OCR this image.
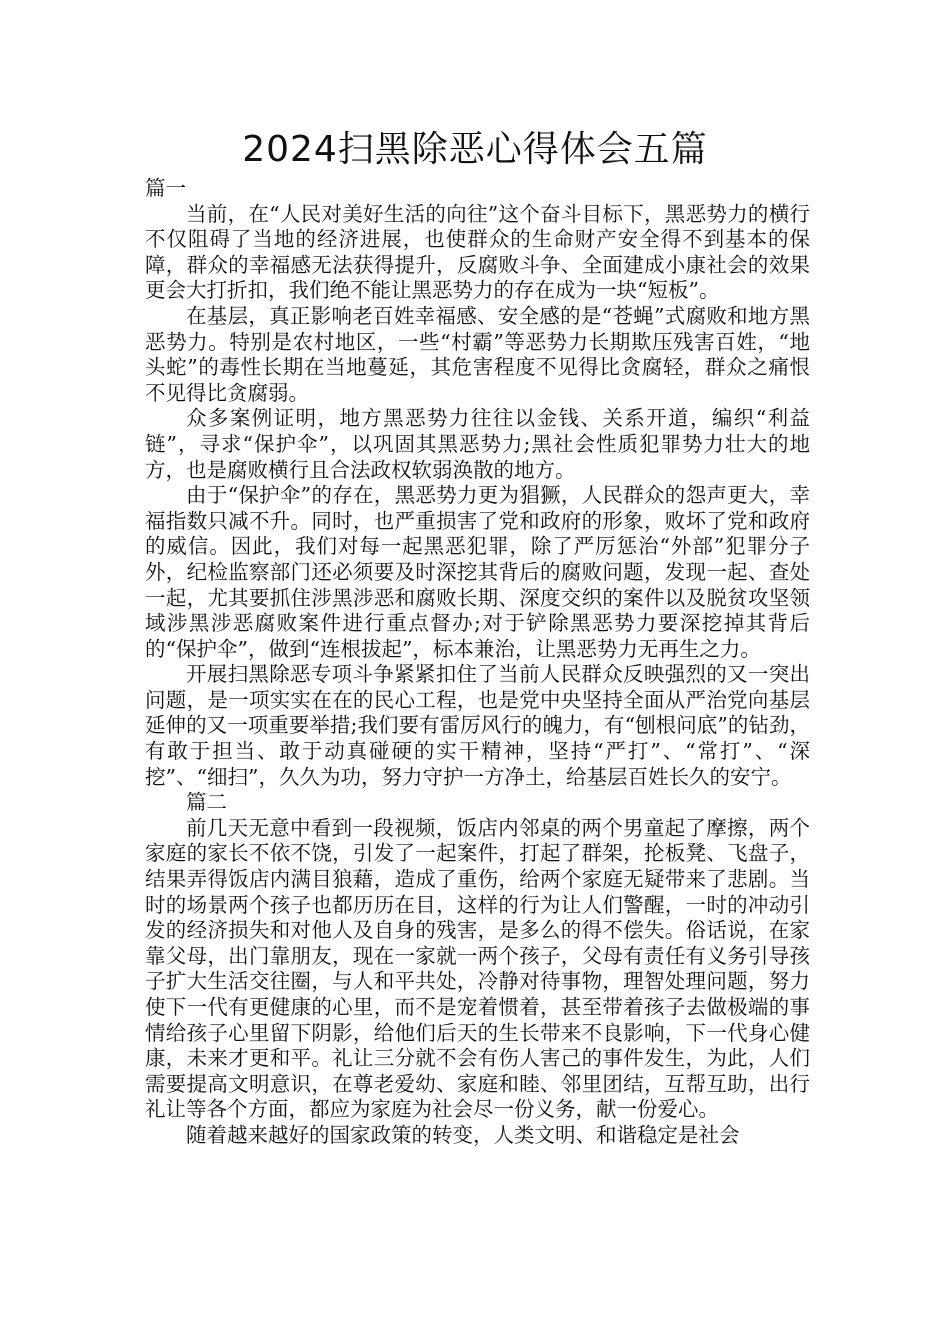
2024扫黑除恶心得体会五篇

篇一

当前，在“人民对美好生活的向往”这个奋斗目标下，黑恶势力的横行不仅阻碍了当地的经济进展，也使群众的生命财产安全得不到基本的保障，群众的幸福感无法获得提升，反腐败斗争、全面建成小康社会的效果更会大打折扣，我们绝不能让黑恶势力的存在成为一块“短板”。

在基层，真正影响老百姓幸福感、安全感的是“苍蝇”式腐败和地方黑恶势力。特别是农村地区，一些“村霸”等恶势力长期欺压残害百姓，“地头蛇”的毒性长期在当地蔓延，其危害程度不见得比贪腐轻，群众之痛恨不见得比贪腐弱。

众多案例证明，地方黑恶势力往往以金钱、关系开道，编织“利益链”，寻求“保护伞”，以巩固其黑恶势力;黑社会性质犯罪势力壮大的地方，也是腐败横行且合法政权软弱涣散的地方。

由于“保护伞”的存在，黑恶势力更为猖獗，人民群众的怨声更大，幸福指数只减不升。同时，也严重损害了党和政府的形象，败坏了党和政府的威信。因此，我们对每一起黑恶犯罪，除了严厉惩治“外部”犯罪分子外，纪检监察部门还必须要及时深挖其背后的腐败问题，发现一起、查处一起，尤其要抓住涉黑涉恶和腐败长期、深度交织的案件以及脱贫攻坚领域涉黑涉恶腐败案件进行重点督办;对于铲除黑恶势力要深挖掉其背后的“保护伞”，做到“连根拔起”，标本兼治，让黑恶势力无再生之力。

开展扫黑除恶专项斗争紧紧扣住了当前人民群众反映强烈的又一突出问题，是一项实实在在的民心工程，也是党中央坚持全面从严治党向基层延伸的又一项重要举措;我们要有雷厉风行的魄力，有“刨根问底”的钻劲，有敢于担当、敢于动真碰硬的实干精神，坚持“严打”、“常打”、“深挖”、“细扫”，久久为功，努力守护一方净土，给基层百姓长久的安宁。

篇二

前几天无意中看到一段视频，饭店内邻桌的两个男童起了摩擦，两个家庭的家长不依不饶，引发了一起案件，打起了群架，抡板凳、飞盘子，结果弄得饭店内满目狼藉，造成了重伤，给两个家庭无疑带来了悲剧。当时的场景两个孩子也都历历在目，这样的行为让人们警醒，一时的冲动引发的经济损失和对他人及自身的残害，是多么的得不偿失。俗话说，在家靠父母，出门靠朋友，现在一家就一两个孩子，父母有责任有义务引导孩子扩大生活交往圈，与人和平共处，冷静对待事物，理智处理问题，努力使下一代有更健康的心里，而不是宠着惯着，甚至带着孩子去做极端的事情给孩子心里留下阴影，给他们后天的生长带来不良影响，下一代身心健康，未来才更和平。礼让三分就不会有伤人害己的事件发生，为此，人们需要提高文明意识，在尊老爱幼、家庭和睦、邻里团结，互帮互助，出行礼让等各个方面，都应为家庭为社会尽一份义务，献一份爱心。

随着越来越好的国家政策的转变，人类文明、和谐稳定是社会
